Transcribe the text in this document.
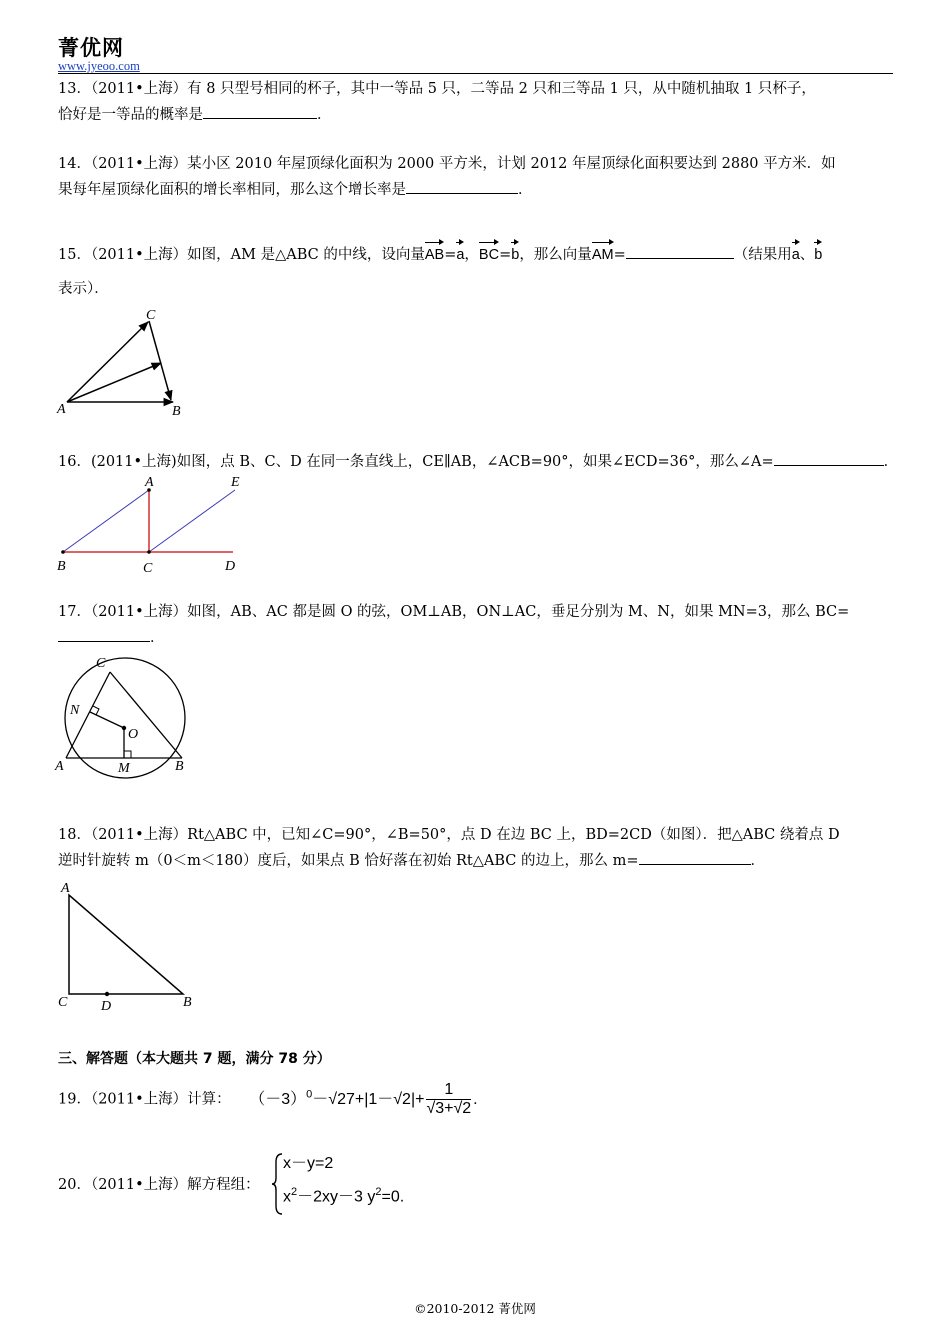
菁优网
www.jyeoo.com
13．（2011•上海）有 8 只型号相同的杯子，其中一等品 5 只，二等品 2 只和三等品 1 只，从中随机抽取 1 只杯子，
恰好是一等品的概率是	．
14．（2011•上海）某小区 2010 年屋顶绿化面积为 2000 平方米，计划 2012 年屋顶绿化面积要达到 2880 平方米．如
果每年屋顶绿化面积的增长率相同，那么这个增长率是	．
15．（2011•上海）如图，AM 是△ABC 的中线，设向量AB=a，BC=b，那么向量AM=	（结果用a、b
表示）．
C
A	B
16．(2011•上海)如图，点 B、C、D 在同一条直线上，CE∥AB，∠ACB=90°，如果∠ECD=36°，那么∠A=	．
A	E
B	C	D
17．（2011•上海）如图，AB、AC 都是圆 O 的弦，OM⊥AB，ON⊥AC，垂足分别为 M、N，如果 MN=3，那么 BC=
．
C
N
O
A	M	B
18．（2011•上海）Rt△ABC 中，已知∠C=90°，∠B=50°，点 D 在边 BC 上，BD=2CD（如图）．把△ABC 绕着点 D
逆时针旋转 m（0＜m＜180）度后，如果点 B 恰好落在初始 Rt△ABC 的边上，那么 m=	．
A
C D	B
三、解答题（本大题共 7 题，满分 78 分）
19．（2011•上海）计算： $(-3)^0-√27+|1-√2|+ \frac{1}{√3+√2}$ .
20．（2011•上海）解方程组：
x－y=2
$x^2-2xy-3$ $y^2=0$.
©2010-2012 菁优网
